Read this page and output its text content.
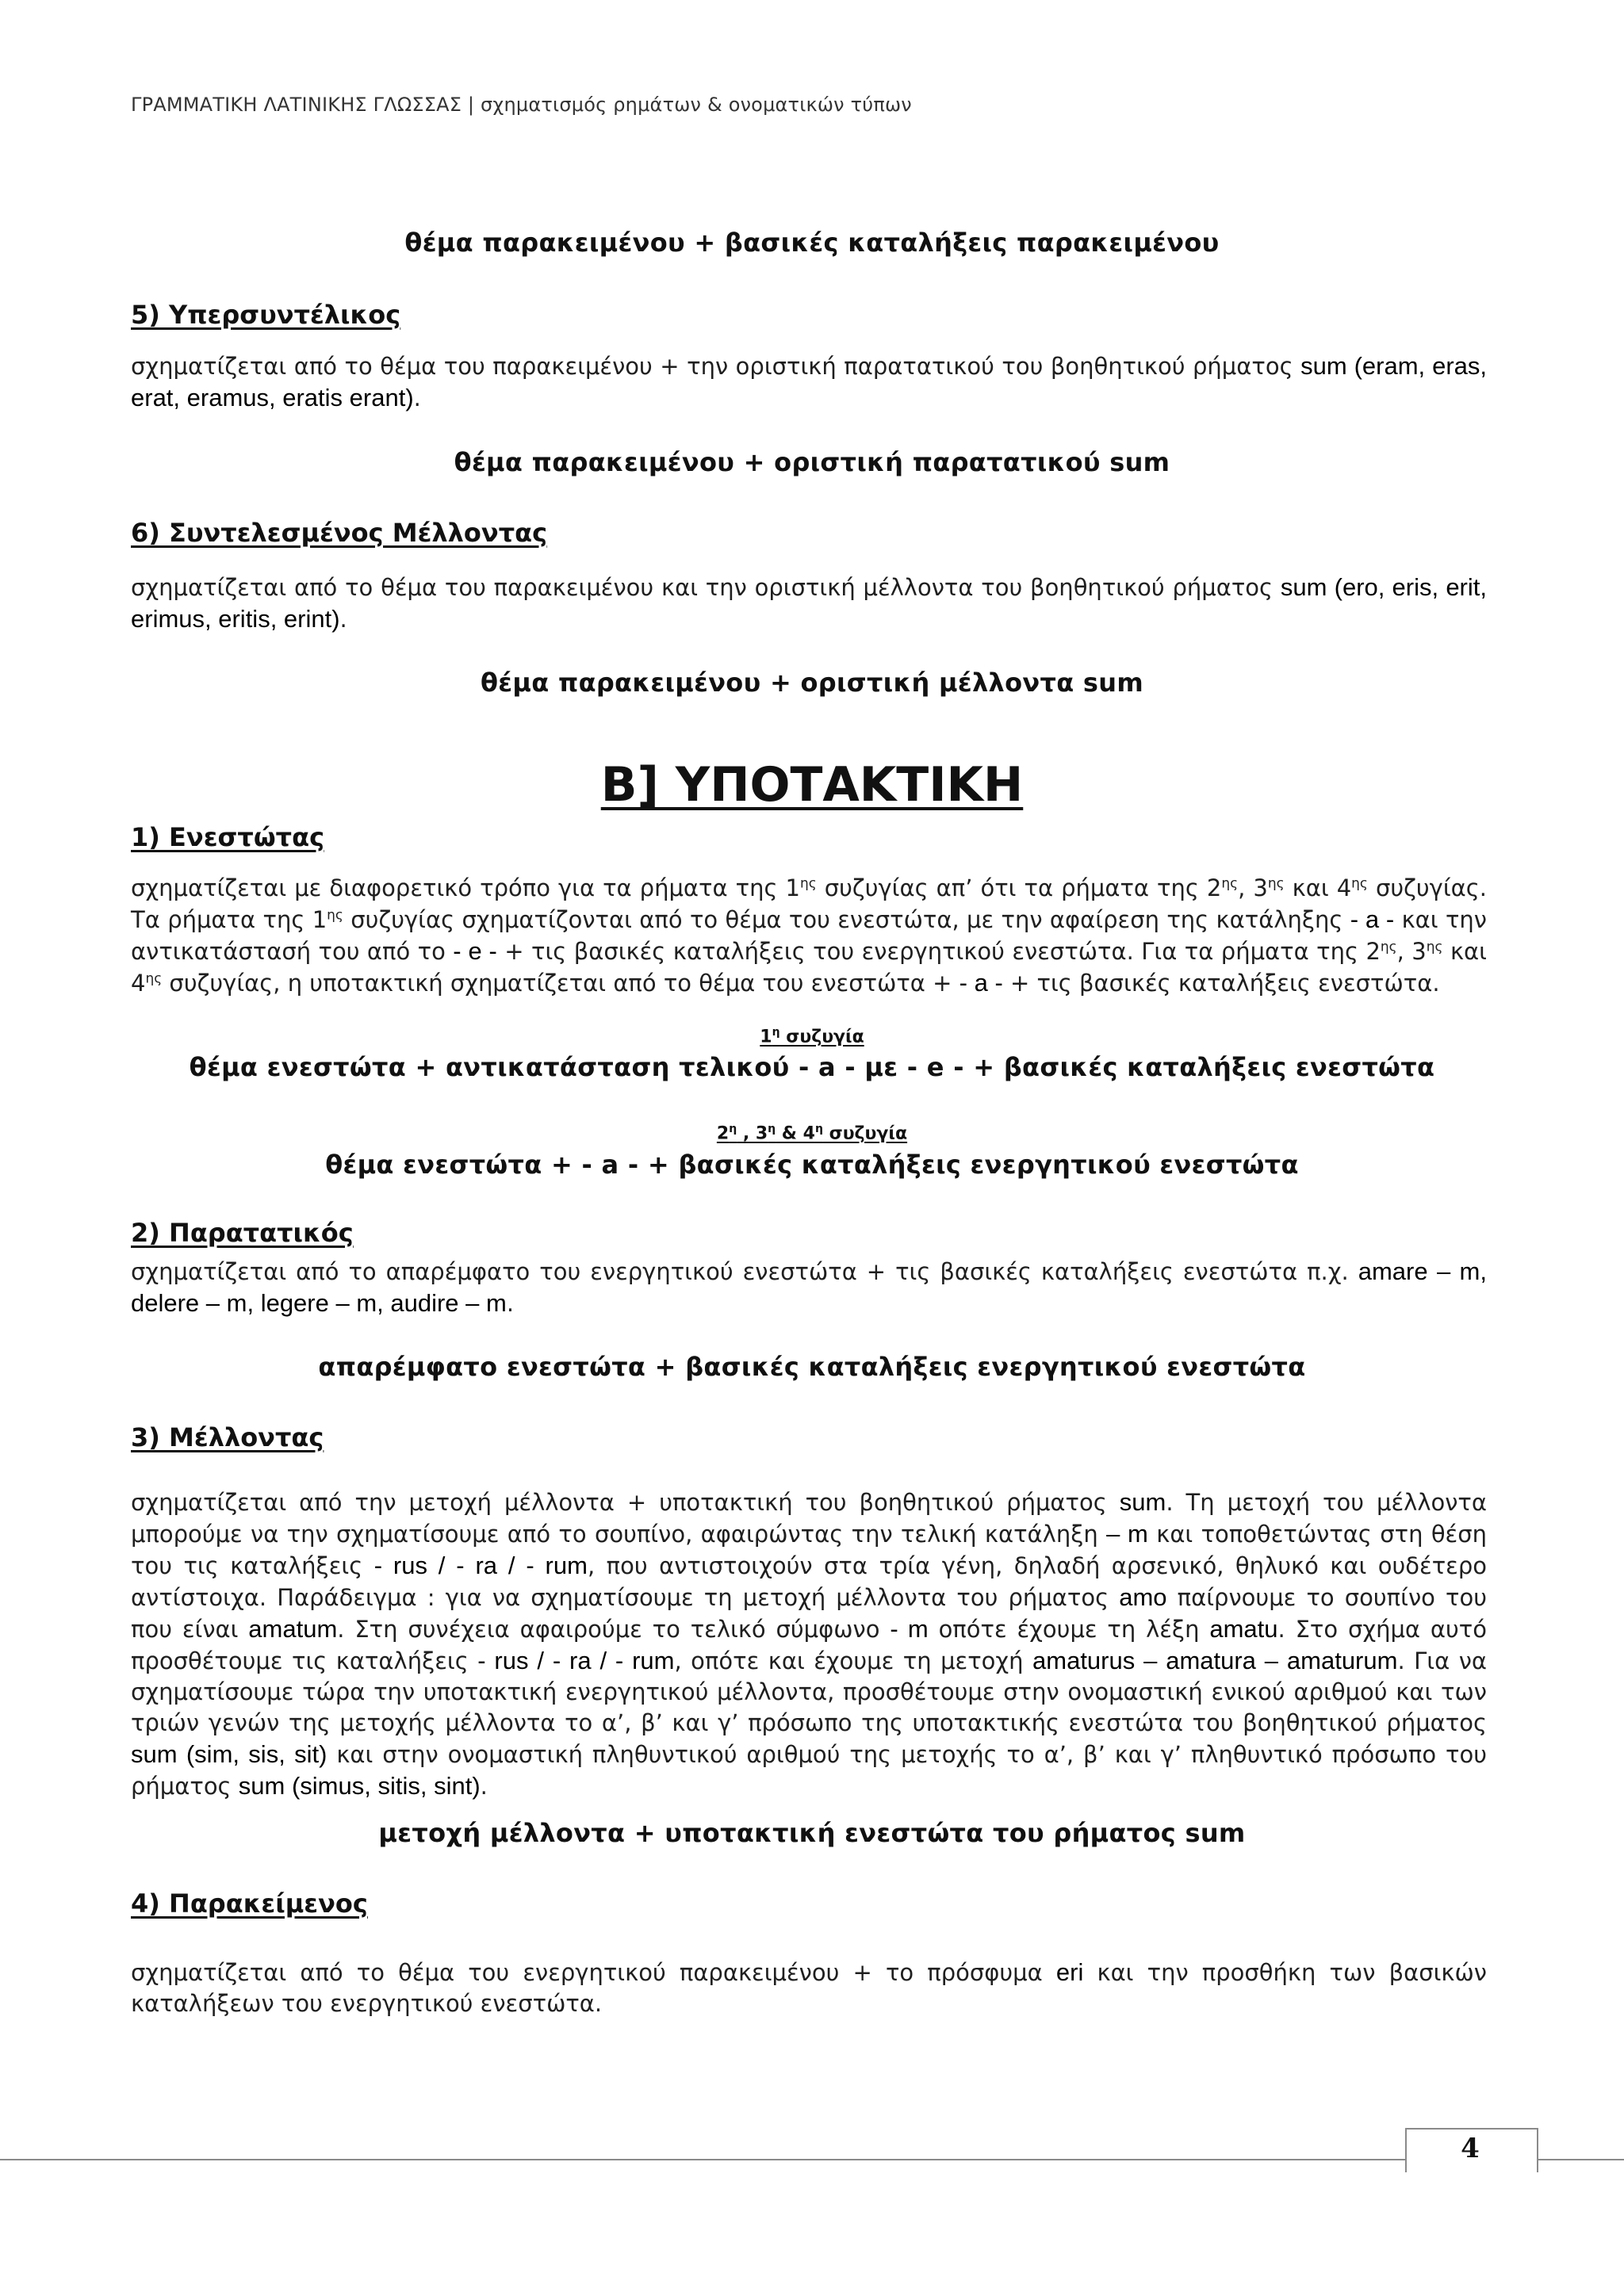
ΓΡΑΜΜΑΤΙΚΗ ΛΑΤΙΝΙΚΗΣ ΓΛΩΣΣΑΣ | σχηματισμός ρημάτων & ονοματικών τύπων
θέμα παρακειμένου + βασικές καταλήξεις παρακειμένου
5) Υπερσυντέλικος
σχηματίζεται από το θέμα του παρακειμένου + την οριστική παρατατικού του βοηθητικού ρήματος sum (eram, eras, erat, eramus, eratis erant).
θέμα παρακειμένου + οριστική παρατατικού sum
6) Συντελεσμένος Μέλλοντας
σχηματίζεται από το θέμα του παρακειμένου και την οριστική μέλλοντα του βοηθητικού ρήματος sum (ero, eris, erit, erimus, eritis, erint).
θέμα παρακειμένου + οριστική μέλλοντα sum
Β] ΥΠΟΤΑΚΤΙΚΗ
1) Ενεστώτας
σχηματίζεται με διαφορετικό τρόπο για τα ρήματα της $1^{\eta\varsigma}$ συζυγίας απ’ ότι τα ρήματα της $2^{\eta\varsigma}$, $3^{\eta\varsigma}$ και $4^{\eta\varsigma}$ συζυγίας. Τα ρήματα της $1^{\eta\varsigma}$ συζυγίας σχηματίζονται από το θέμα του ενεστώτα, με την αφαίρεση της κατάληξης - a - και την αντικατάστασή του από το - e - + τις βασικές καταλήξεις του ενεργητικού ενεστώτα. Για τα ρήματα της $2^{\eta\varsigma}$, $3^{\eta\varsigma}$ και $4^{\eta\varsigma}$ συζυγίας, η υποτακτική σχηματίζεται από το θέμα του ενεστώτα + - a - + τις βασικές καταλήξεις ενεστώτα.
$1^\eta$ συζυγία
θέμα ενεστώτα + αντικατάσταση τελικού - a - με - e - + βασικές καταλήξεις ενεστώτα
$2^\eta$ , $3^\eta$ & $4^\eta$ συζυγία
θέμα ενεστώτα + - a - + βασικές καταλήξεις ενεργητικού ενεστώτα
2) Παρατατικός
σχηματίζεται από το απαρέμφατο του ενεργητικού ενεστώτα + τις βασικές καταλήξεις ενεστώτα π.χ. amare – m, delere – m, legere – m, audire – m.
απαρέμφατο ενεστώτα + βασικές καταλήξεις ενεργητικού ενεστώτα
3) Μέλλοντας
σχηματίζεται από την μετοχή μέλλοντα + υποτακτική του βοηθητικού ρήματος sum. Τη μετοχή του μέλλοντα μπορούμε να την σχηματίσουμε από το σουπίνο, αφαιρώντας την τελική κατάληξη – m και τοποθετώντας στη θέση του τις καταλήξεις - rus / - ra / - rum, που αντιστοιχούν στα τρία γένη, δηλαδή αρσενικό, θηλυκό και ουδέτερο αντίστοιχα. Παράδειγμα : για να σχηματίσουμε τη μετοχή μέλλοντα του ρήματος amo παίρνουμε το σουπίνο του που είναι amatum. Στη συνέχεια αφαιρούμε το τελικό σύμφωνο - m οπότε έχουμε τη λέξη amatu. Στο σχήμα αυτό προσθέτουμε τις καταλήξεις - rus / - ra / - rum, οπότε και έχουμε τη μετοχή amaturus – amatura – amaturum. Για να σχηματίσουμε τώρα την υποτακτική ενεργητικού μέλλοντα, προσθέτουμε στην ονομαστική ενικού αριθμού και των τριών γενών της μετοχής μέλλοντα το α’, β’ και γ’ πρόσωπο της υποτακτικής ενεστώτα του βοηθητικού ρήματος sum (sim, sis, sit) και στην ονομαστική πληθυντικού αριθμού της μετοχής το α’, β’ και γ’ πληθυντικό πρόσωπο του ρήματος sum (simus, sitis, sint).
μετοχή μέλλοντα + υποτακτική ενεστώτα του ρήματος sum
4) Παρακείμενος
σχηματίζεται από το θέμα του ενεργητικού παρακειμένου + το πρόσφυμα eri και την προσθήκη των βασικών καταλήξεων του ενεργητικού ενεστώτα.
4
